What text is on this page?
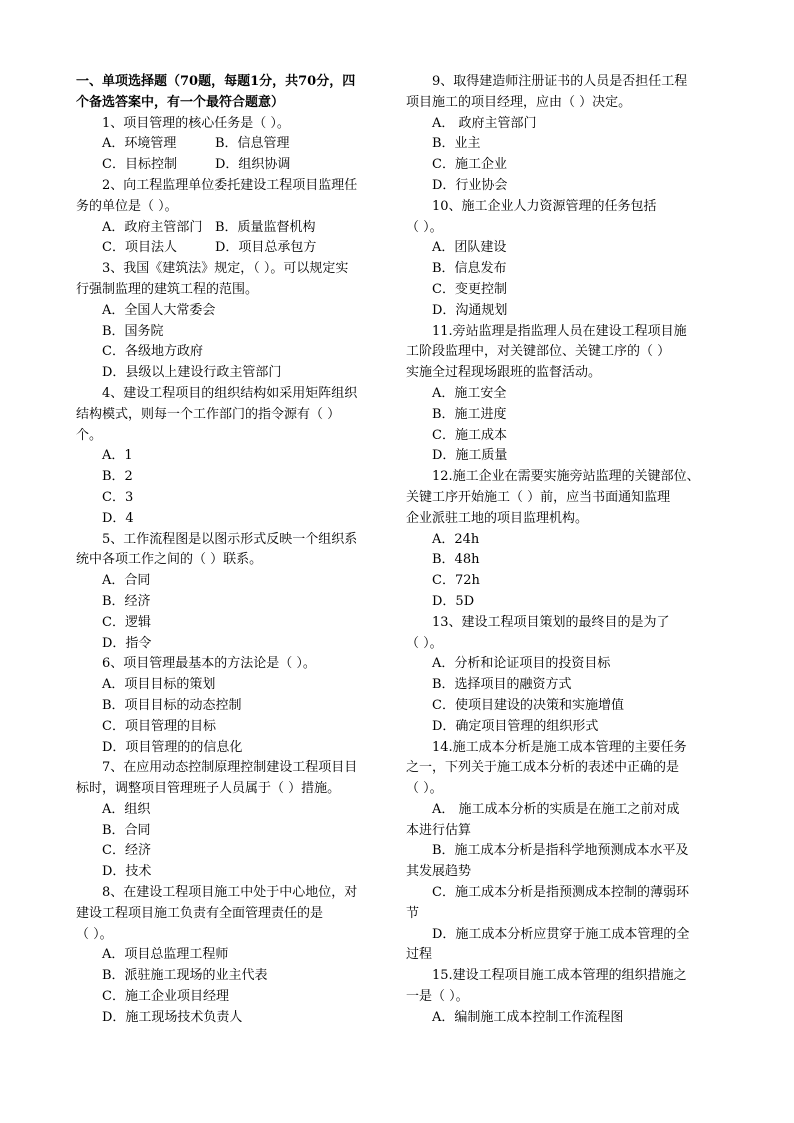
一、单项选择题（70题，每题1分，共70分，四
个备选答案中，有一个最符合题意）
1、项目管理的核心任务是（ ）。
A．环境管理	B．信息管理
C．目标控制	D．组织协调
2、向工程监理单位委托建设工程项目监理任
务的单位是（ ）。
A．政府主管部门 B．质量监督机构
C．项目法人	D．项目总承包方
3、我国《建筑法》规定，（ ）。可以规定实
行强制监理的建筑工程的范围。
A．全国人大常委会
B．国务院
C．各级地方政府
D．县级以上建设行政主管部门
4、建设工程项目的组织结构如采用矩阵组织
结构模式，则每一个工作部门的指令源有（ ）
个。
A．1
B．2
C．3
D．4
5、工作流程图是以图示形式反映一个组织系
统中各项工作之间的（ ）联系。
A．合同
B．经济
C．逻辑
D．指令
6、项目管理最基本的方法论是（ ）。
A．项目目标的策划
B．项目目标的动态控制
C．项目管理的目标
D．项目管理的的信息化
7、在应用动态控制原理控制建设工程项目目
标时，调整项目管理班子人员属于（ ）措施。
A．组织
B．合同
C．经济
D．技术
8、在建设工程项目施工中处于中心地位，对
建设工程项目施工负责有全面管理责任的是
（ ）。
A．项目总监理工程师
B．派驻施工现场的业主代表
C．施工企业项目经理
D．施工现场技术负责人
9、取得建造师注册证书的人员是否担任工程
项目施工的项目经理，应由（ ）决定。
A． 政府主管部门
B．业主
C．施工企业
D．行业协会
10、施工企业人力资源管理的任务包括
（ ）。
A．团队建设
B．信息发布
C．变更控制
D．沟通规划
11.旁站监理是指监理人员在建设工程项目施
工阶段监理中，对关键部位、关键工序的（ ）
实施全过程现场跟班的监督活动。
A．施工安全
B．施工进度
C．施工成本
D．施工质量
12.施工企业在需要实施旁站监理的关键部位、
关键工序开始施工（ ）前，应当书面通知监理
企业派驻工地的项目监理机构。
A．24h
B．48h
C．72h
D．5D
13、建设工程项目策划的最终目的是为了
（ ）。
A．分析和论证项目的投资目标
B．选择项目的融资方式
C．使项目建设的决策和实施增值
D．确定项目管理的组织形式
14.施工成本分析是施工成本管理的主要任务
之一，下列关于施工成本分析的表述中正确的是
（ ）。
A． 施工成本分析的实质是在施工之前对成
本进行估算
B．施工成本分析是指科学地预测成本水平及
其发展趋势
C．施工成本分析是指预测成本控制的薄弱环
节
D．施工成本分析应贯穿于施工成本管理的全
过程
15.建设工程项目施工成本管理的组织措施之
一是（ ）。
A．编制施工成本控制工作流程图
